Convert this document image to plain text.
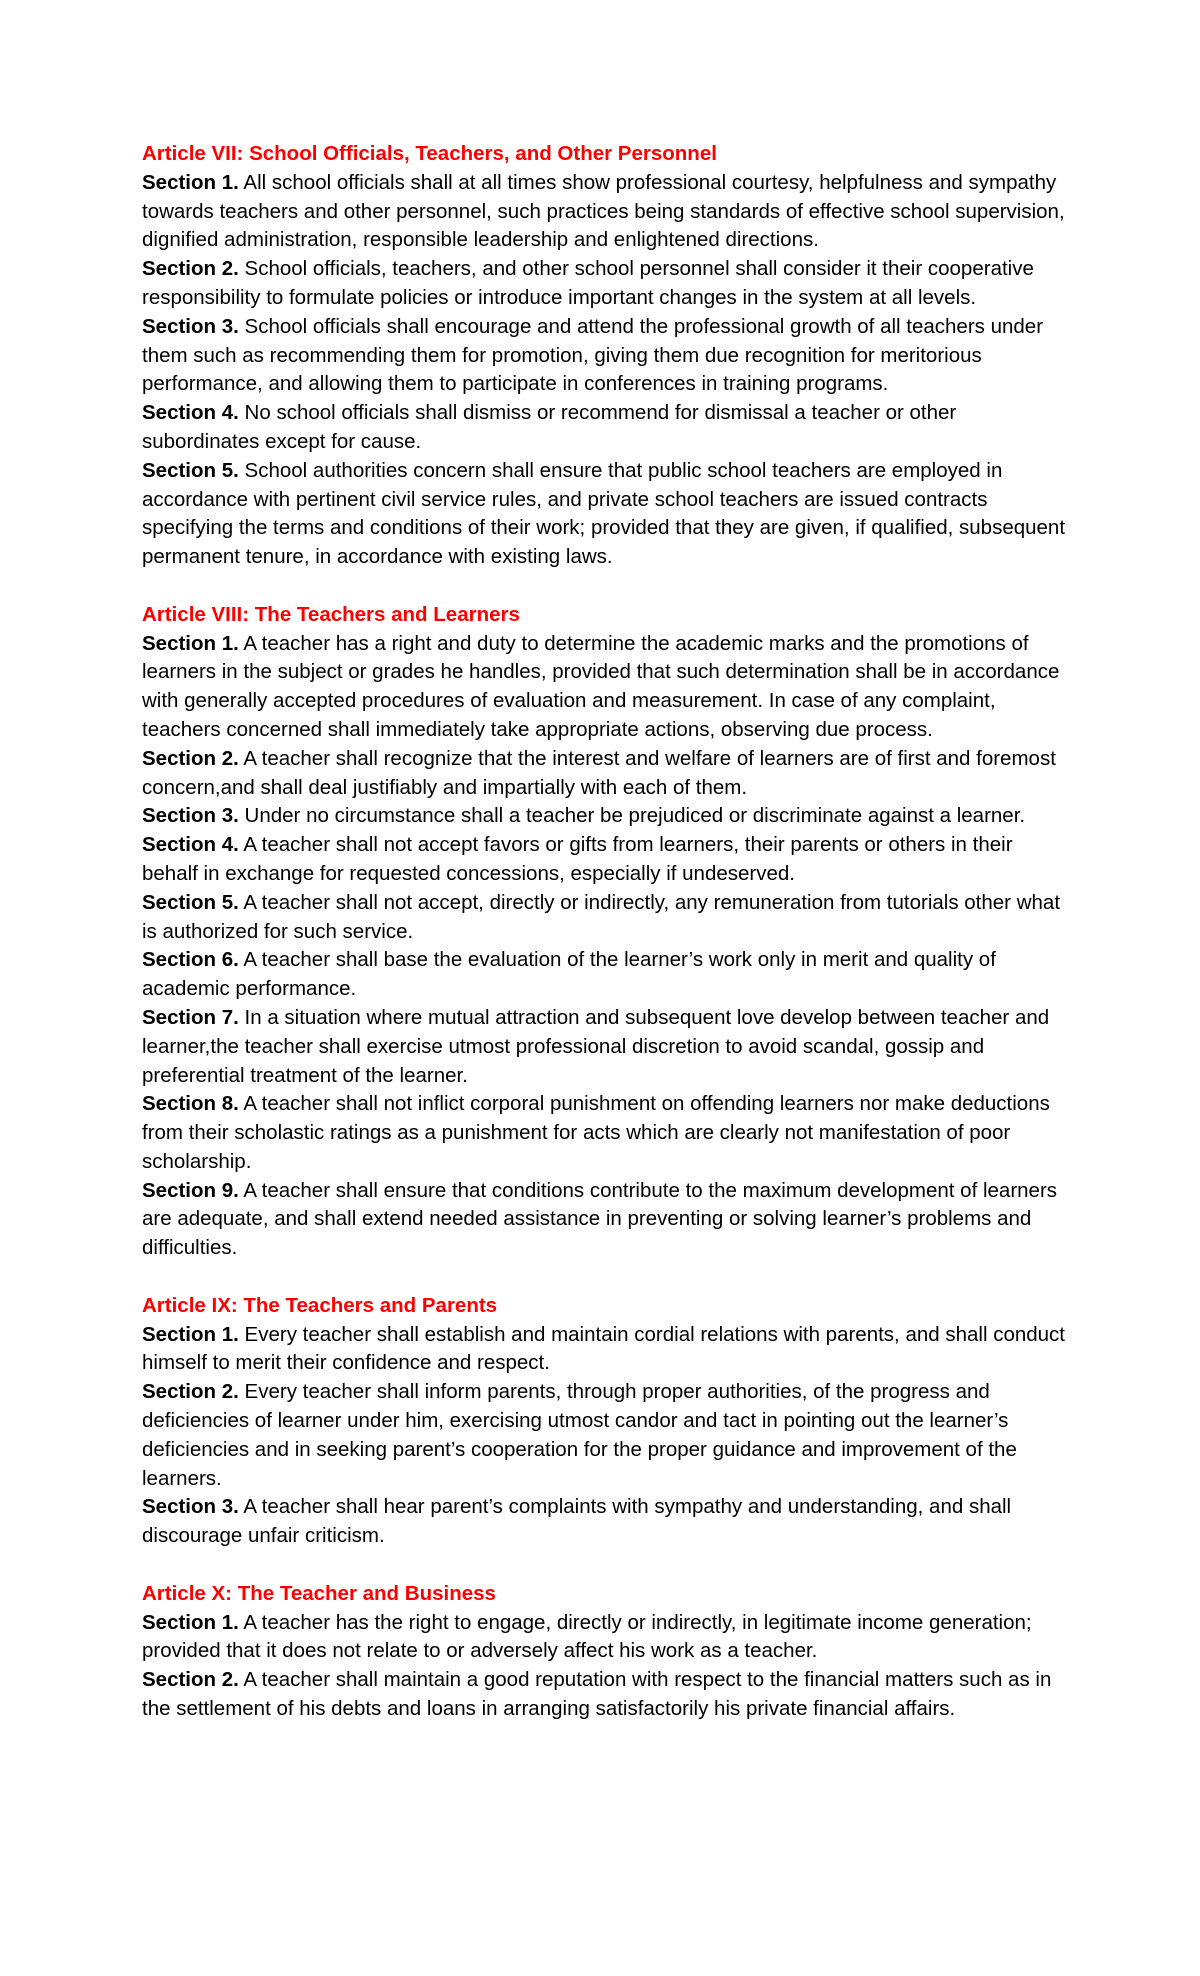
Article VII: School Officials, Teachers, and Other Personnel

Section 1. All school officials shall at all times show professional courtesy, helpfulness and sympathy towards teachers and other personnel, such practices being standards of effective school supervision, dignified administration, responsible leadership and enlightened directions.

Section 2. School officials, teachers, and other school personnel shall consider it their cooperative responsibility to formulate policies or introduce important changes in the system at all levels.

Section 3. School officials shall encourage and attend the professional growth of all teachers under them such as recommending them for promotion, giving them due recognition for meritorious performance, and allowing them to participate in conferences in training programs.

Section 4. No school officials shall dismiss or recommend for dismissal a teacher or other subordinates except for cause.

Section 5. School authorities concern shall ensure that public school teachers are employed in accordance with pertinent civil service rules, and private school teachers are issued contracts specifying the terms and conditions of their work; provided that they are given, if qualified, subsequent permanent tenure, in accordance with existing laws.

Article VIII: The Teachers and Learners

Section 1. A teacher has a right and duty to determine the academic marks and the promotions of learners in the subject or grades he handles, provided that such determination shall be in accordance with generally accepted procedures of evaluation and measurement. In case of any complaint, teachers concerned shall immediately take appropriate actions, observing due process.

Section 2. A teacher shall recognize that the interest and welfare of learners are of first and foremost concern,and shall deal justifiably and impartially with each of them.

Section 3. Under no circumstance shall a teacher be prejudiced or discriminate against a learner.

Section 4. A teacher shall not accept favors or gifts from learners, their parents or others in their behalf in exchange for requested concessions, especially if undeserved.

Section 5. A teacher shall not accept, directly or indirectly, any remuneration from tutorials other what is authorized for such service.

Section 6. A teacher shall base the evaluation of the learner’s work only in merit and quality of academic performance.

Section 7. In a situation where mutual attraction and subsequent love develop between teacher and learner,the teacher shall exercise utmost professional discretion to avoid scandal, gossip and preferential treatment of the learner.

Section 8. A teacher shall not inflict corporal punishment on offending learners nor make deductions from their scholastic ratings as a punishment for acts which are clearly not manifestation of poor scholarship.

Section 9. A teacher shall ensure that conditions contribute to the maximum development of learners are adequate, and shall extend needed assistance in preventing or solving learner’s problems and difficulties.

Article IX: The Teachers and Parents

Section 1. Every teacher shall establish and maintain cordial relations with parents, and shall conduct himself to merit their confidence and respect.

Section 2. Every teacher shall inform parents, through proper authorities, of the progress and deficiencies of learner under him, exercising utmost candor and tact in pointing out the learner’s deficiencies and in seeking parent’s cooperation for the proper guidance and improvement of the learners.

Section 3. A teacher shall hear parent’s complaints with sympathy and understanding, and shall discourage unfair criticism.

Article X: The Teacher and Business

Section 1. A teacher has the right to engage, directly or indirectly, in legitimate income generation; provided that it does not relate to or adversely affect his work as a teacher.

Section 2. A teacher shall maintain a good reputation with respect to the financial matters such as in the settlement of his debts and loans in arranging satisfactorily his private financial affairs.
